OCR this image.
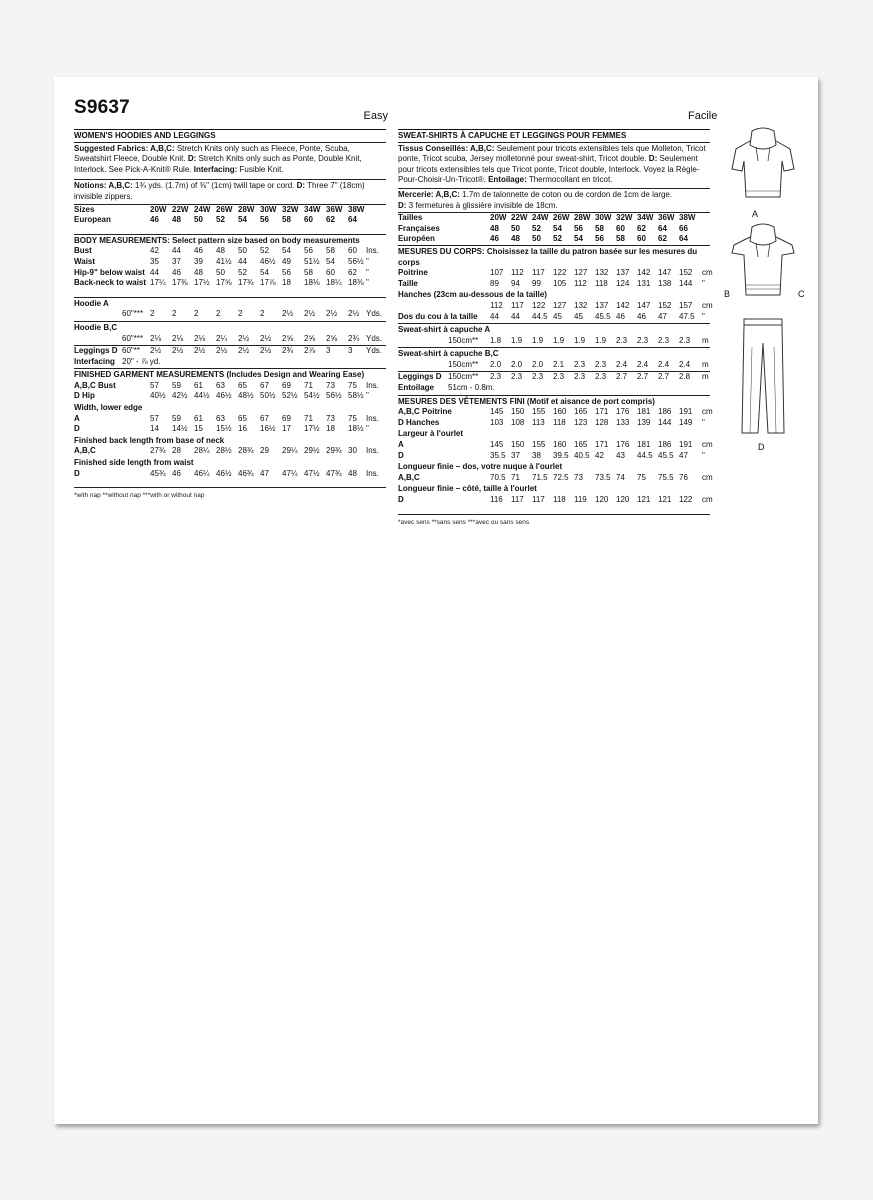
S9637	Easy
WOMEN'S HOODIES AND LEGGINGS
Suggested Fabrics: A,B,C: Stretch Knits only such as Fleece, Ponte, Scuba, Sweatshirt Fleece, Double Knit. D: Stretch Knits only such as Ponte, Double Knit, Interlock. See Pick-A-Knit® Rule. Interfacing: Fusible Knit.
Notions: A,B,C: 1¾ yds. (1.7m) of ⅜" (1cm) twill tape or cord. D: Three 7" (18cm) invisible zippers.
Sizes	20W 22W 24W 26W 28W 30W 32W 34W 36W 38W
European	46 48 50 52 54 56 58 60 62 64
BODY MEASUREMENTS: Select pattern size based on body measurements
Bust	42 44 46 48 50 52 54 56 58 60 Ins.
Waist	35 37 39 41½ 44 46½ 49 51½ 54 56½ "
Hip-9" below waist 44 46 48 50 52 54 56 58 60 62 "
Back-neck to waist 17¼ 17⅜ 17½ 17⅝ 17¾ 17⅞ 18 18⅛ 18¼ 18⅜ "
Hoodie A
60"*** 2 2 2 2 2 2 2½ 2½ 2½ 2½ Yds.
Hoodie B,C
60"*** 2⅛ 2⅛ 2⅛ 2¼ 2½ 2½ 2⅝ 2⅝ 2⅝ 2¾ Yds.
Leggings D 60"** 2½ 2½ 2½ 2½ 2½ 2½ 2¾ 2⅞ 3 3 Yds.
Interfacing 20" - ⅞ yd.
FINISHED GARMENT MEASUREMENTS (Includes Design and Wearing Ease)
A,B,C Bust	57 59 61 63 65 67 69 71 73 75 Ins.
D Hip	40½ 42½ 44½ 46½ 48½ 50½ 52½ 54½ 56½ 58½ "
Width, lower edge
A	57 59 61 63 65 67 69 71 73 75 Ins.
D	14 14½ 15 15½ 16 16½ 17 17½ 18 18½ "
Finished back length from base of neck
A,B,C	27¾ 28 28¼ 28½ 28¾ 29 29¼ 29½ 29¾ 30 Ins.
Finished side length from waist
D	45¾ 46 46¼ 46½ 46¾ 47 47¼ 47½ 47¾ 48 Ins.
*with nap **without nap ***with or without nap
Facile
SWEAT-SHIRTS À CAPUCHE ET LEGGINGS POUR FEMMES
Tissus Conseillés: A,B,C: Seulement pour tricots extensibles tels que Molleton, Tricot ponte, Tricot scuba, Jersey molletonné pour sweat-shirt, Tricot double. D: Seulement pour tricots extensibles tels que Tricot ponte, Tricot double, Interlock. Voyez la Règle-Pour-Choisir-Un-Tricot®. Entoilage: Thermocollant en tricot.
Mercerie: A,B,C: 1.7m de talonnette de coton ou de cordon de 1cm de large.
D: 3 fermetures à glissière invisible de 18cm.
Tailles	20W 22W 24W 26W 28W 30W 32W 34W 36W 38W
Françaises	48 50 52 54 56 58 60 62 64 66
Européen	46 48 50 52 54 56 58 60 62 64
MESURES DU CORPS: Choisissez la taille du patron basée sur les mesures du corps
Poitrine	107 112 117 122 127 132 137 142 147 152 cm
Taille	89 94 99 105 112 118 124 131 138 144 "
Hanches (23cm au-dessous de la taille)
112 117 122 127 132 137 142 147 152 157 cm
Dos du cou à la taille 44 44 44.5 45 45 45.5 46 46 47 47.5 "
Sweat-shirt à capuche A
150cm** 1.8 1.9 1.9 1.9 1.9 1.9 2.3 2.3 2.3 2.3 m
Sweat-shirt à capuche B,C
150cm** 2.0 2.0 2.0 2.1 2.3 2.3 2.4 2.4 2.4 2.4 m
Leggings D 150cm** 2.3 2.3 2.3 2.3 2.3 2.3 2.7 2.7 2.7 2.8 m
Entoilage 51cm - 0.8m.
MESURES DES VÊTEMENTS FINI (Motif et aisance de port compris)
A,B,C Poitrine	145 150 155 160 165 171 176 181 186 191 cm
D Hanches	103 108 113 118 123 128 133 139 144 149 "
Largeur à l'ourlet
A	145 150 155 160 165 171 176 181 186 191 cm
D	35.5 37 38 39.5 40.5 42 43 44.5 45.5 47 "
Longueur finie – dos, votre nuque à l'ourlet
A,B,C	70.5 71 71.5 72.5 73 73.5 74 75 75.5 76 cm
Longueur finie – côté, taille à l'ourlet
D	116 117 117 118 119 120 120 121 121 122 cm
*avec sens **sans sens ***avec ou sans sens
A
B	C
D
